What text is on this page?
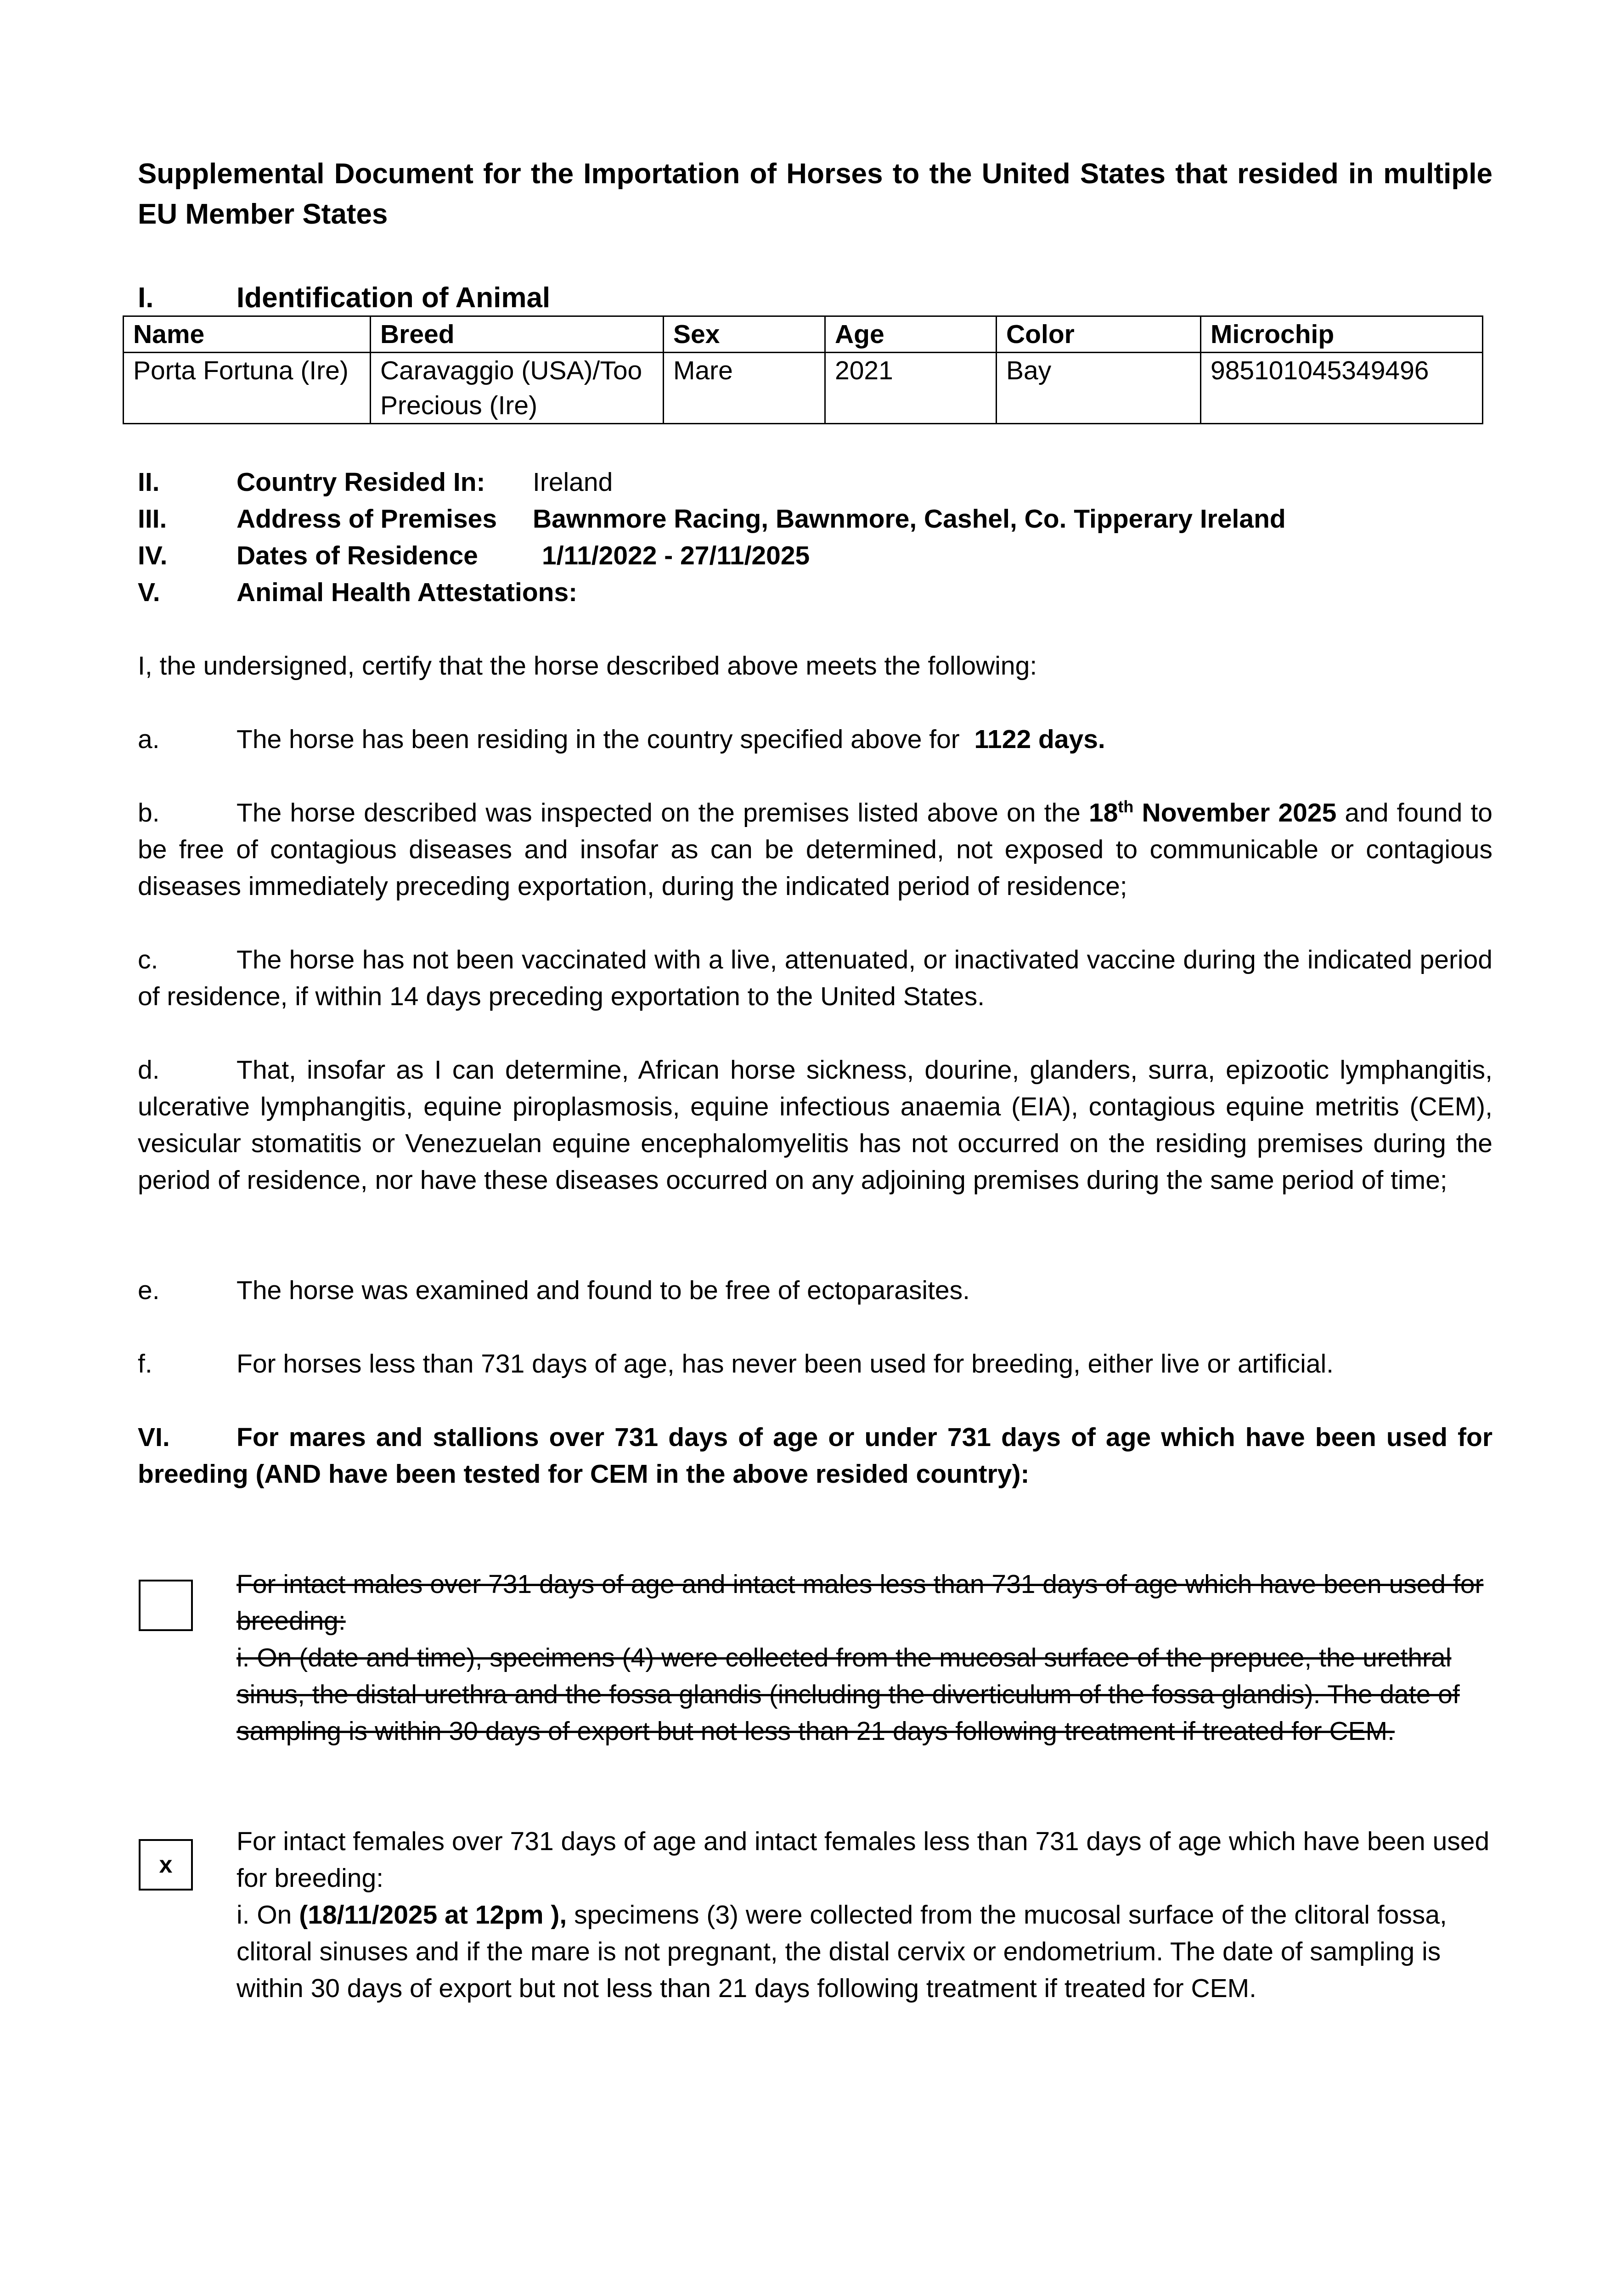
Supplemental Document for the Importation of Horses to the United States that resided in multiple EU Member States
I.	Identification of Animal
Name	Breed	Sex	Age	Color	Microchip
Porta Fortuna (Ire)	Caravaggio (USA)/Too Precious (Ire)	Mare	2021	Bay	985101045349496
II.	Country Resided In: Ireland
III.	Address of Premises Bawnmore Racing, Bawnmore, Cashel, Co. Tipperary Ireland
IV.	Dates of Residence 1/11/2022 - 27/11/2025
V.	Animal Health Attestations:
I, the undersigned, certify that the horse described above meets the following:
a.	The horse has been residing in the country specified above for 1122 days.
b.	The horse described was inspected on the premises listed above on the 18th November 2025 and found to be free of contagious diseases and insofar as can be determined, not exposed to communicable or contagious diseases immediately preceding exportation, during the indicated period of residence;
c.	The horse has not been vaccinated with a live, attenuated, or inactivated vaccine during the indicated period of residence, if within 14 days preceding exportation to the United States.
d.	That, insofar as I can determine, African horse sickness, dourine, glanders, surra, epizootic lymphangitis, ulcerative lymphangitis, equine piroplasmosis, equine infectious anaemia (EIA), contagious equine metritis (CEM), vesicular stomatitis or Venezuelan equine encephalomyelitis has not occurred on the residing premises during the period of residence, nor have these diseases occurred on any adjoining premises during the same period of time;
e.	The horse was examined and found to be free of ectoparasites.
f.	For horses less than 731 days of age, has never been used for breeding, either live or artificial.
VI.	For mares and stallions over 731 days of age or under 731 days of age which have been used for breeding (AND have been tested for CEM in the above resided country):
For intact males over 731 days of age and intact males less than 731 days of age which have been used for breeding:
i. On (date and time), specimens (4) were collected from the mucosal surface of the prepuce, the urethral sinus, the distal urethra and the fossa glandis (including the diverticulum of the fossa glandis). The date of sampling is within 30 days of export but not less than 21 days following treatment if treated for CEM.
x
For intact females over 731 days of age and intact females less than 731 days of age which have been used for breeding:
i. On (18/11/2025 at 12pm ), specimens (3) were collected from the mucosal surface of the clitoral fossa, clitoral sinuses and if the mare is not pregnant, the distal cervix or endometrium. The date of sampling is within 30 days of export but not less than 21 days following treatment if treated for CEM.
